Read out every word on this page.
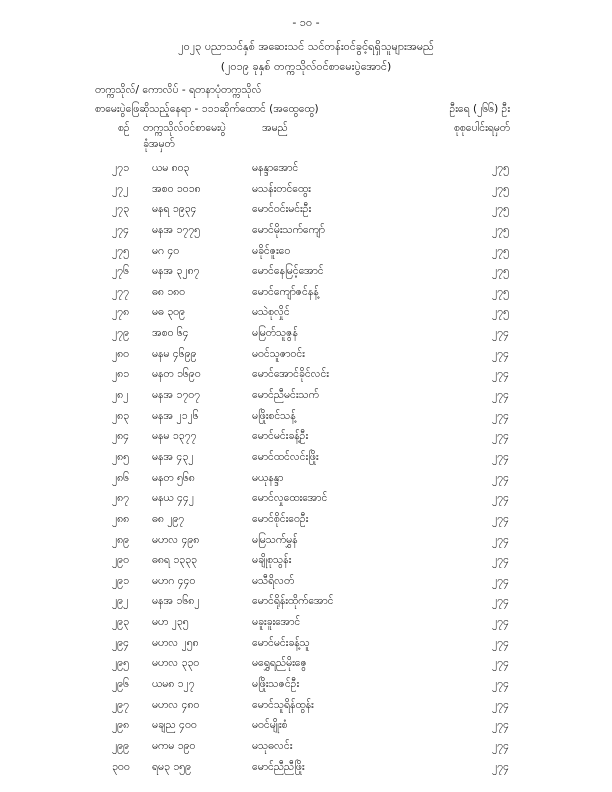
- ၁၀ -
၂၀၂၃ ပညာသင်နှစ် အဆေးသင် သင်တန်းဝင်ခွင့်ရရှိသူများအမည်
(၂၀၁၉ ခုနှစ် တက္ကသိုလ်ဝင်စာမေးပွဲအောင်)
တက္ကသိုလ်/ ကောလိပ် - ရတနာပုံတက္ကသိုလ်
စာမေးပွဲဖြေဆိုသည့်နေရာ - ၁၁၁ဆိုက်ထောင် (အထွေထွေ)	ဦးရေ (၂၆၆) ဦး
စဉ် တက္ကသိုလ်ဝင်စာမေးပွဲ
ခုံအမှတ်
အမည်	စုစုပေါင်းရမှတ်
၂၇၁ ယမ ၈၀၃	မနန္ဒာအောင်	၂၇၅
၂၇၂ အစဝ ၁၀၁၈	မသန်းတင်ထွေး	၂၇၅
၂၇၃ မနရ ၁၉၃၄	မောင်ဝင်းမင်းဦး	၂၇၅
၂၇၄ မနအ ၁၇၇၅	မောင်မိုးသက်ကျော်	၂၇၅
၂၇၅ မဂ ၄၀	မခိုင်ဇူးဝေ	၂၇၅
၂၇၆ မနအ ၃၂၈၇	မောင်နေမြင့်အောင်	၂၇၅
၂၇၇ ဓ၈ ၁၈၀	မောင်ကျော်ဇင်နန့်	၂၇၅
၂၇၈ မဓ ၃၀၉	မသဲစုလှိုင်	၂၇၅
၂၇၉ အစဝ ၆၄	မမြတ်သူဇွန်	၂၇၄
၂၈၀ မနမ ၄၆၉၉	မဝင်သူဇာဝင်း	၂၇၄
၂၈၁ မနတ ၁၆၉၀	မောင်အောင်ခိုင်လင်း	၂၇၄
၂၈၂ မနအ ၁၇၀၇	မောင်ညီမင်းသက်	၂၇၄
၂၈၃ မနအ ၂၁၂၆	မဖြိုးစင်သန့်	၂၇၄
၂၈၄ မနမ ၁၃၇၇	မောင်မင်းခန့်ဦး	၂၇၄
၂၈၅ မနအ ၄၃၂	မောင်ထင်လင်းဖြိုး	၂၇၄
၂၈၆ မနတ ၅၆၈	မယုနန္ဒာ	၂၇၄
၂၈၇ မနယ ၄၄၂	မောင်လှုထေးအောင်	၂၇၄
၂၈၈ ဓ၈ ၂၉၇	မောင်စိုင်းဝေဦး	၂၇၄
၂၈၉ မဟလ ၄၉၈	မမြသက်မွှန်	၂၇၄
၂၉၀ ဓ၈ရ ၁၃၃၃	မချိုစုသွန်း	၂၇၄
၂၉၁ မဟဂ ၄၄၀	မသီရိလတ်	၂၇၄
၂၉၂ မနအ ၁၆၈၂	မောင်ရိုန်းထိုက်အောင်	၂၇၄
၂၉၃ မဟ ၂၃၅	မခူးခူးအောင်	၂၇၄
၂၉၄ မဟလ ၂၅၈	မောင်မင်းခန့်သူ	၂၇၄
၂၉၅ မဟလ ၃၃၀	မရွှေရည်မိုးဇွေ	၂၇၄
၂၉၆ ယမ၈ ၁၂၇	မဖြိုးသဇင်ဦး	၂၇၄
၂၉၇ မဟလ ၄၈၀	မောင်သူရိန်ထွန်း	၂၇၄
၂၉၈ မချည ၄၀၀	မဝင်မျိုးစံ	၂၇၄
၂၉၉ မကမ ၁၉၀	မသုဓလင်း	၂၇၄
၃၀၀ ရမ၃ ၁၅၉	မောင်ညီညီဖြိုး	၂၇၄
